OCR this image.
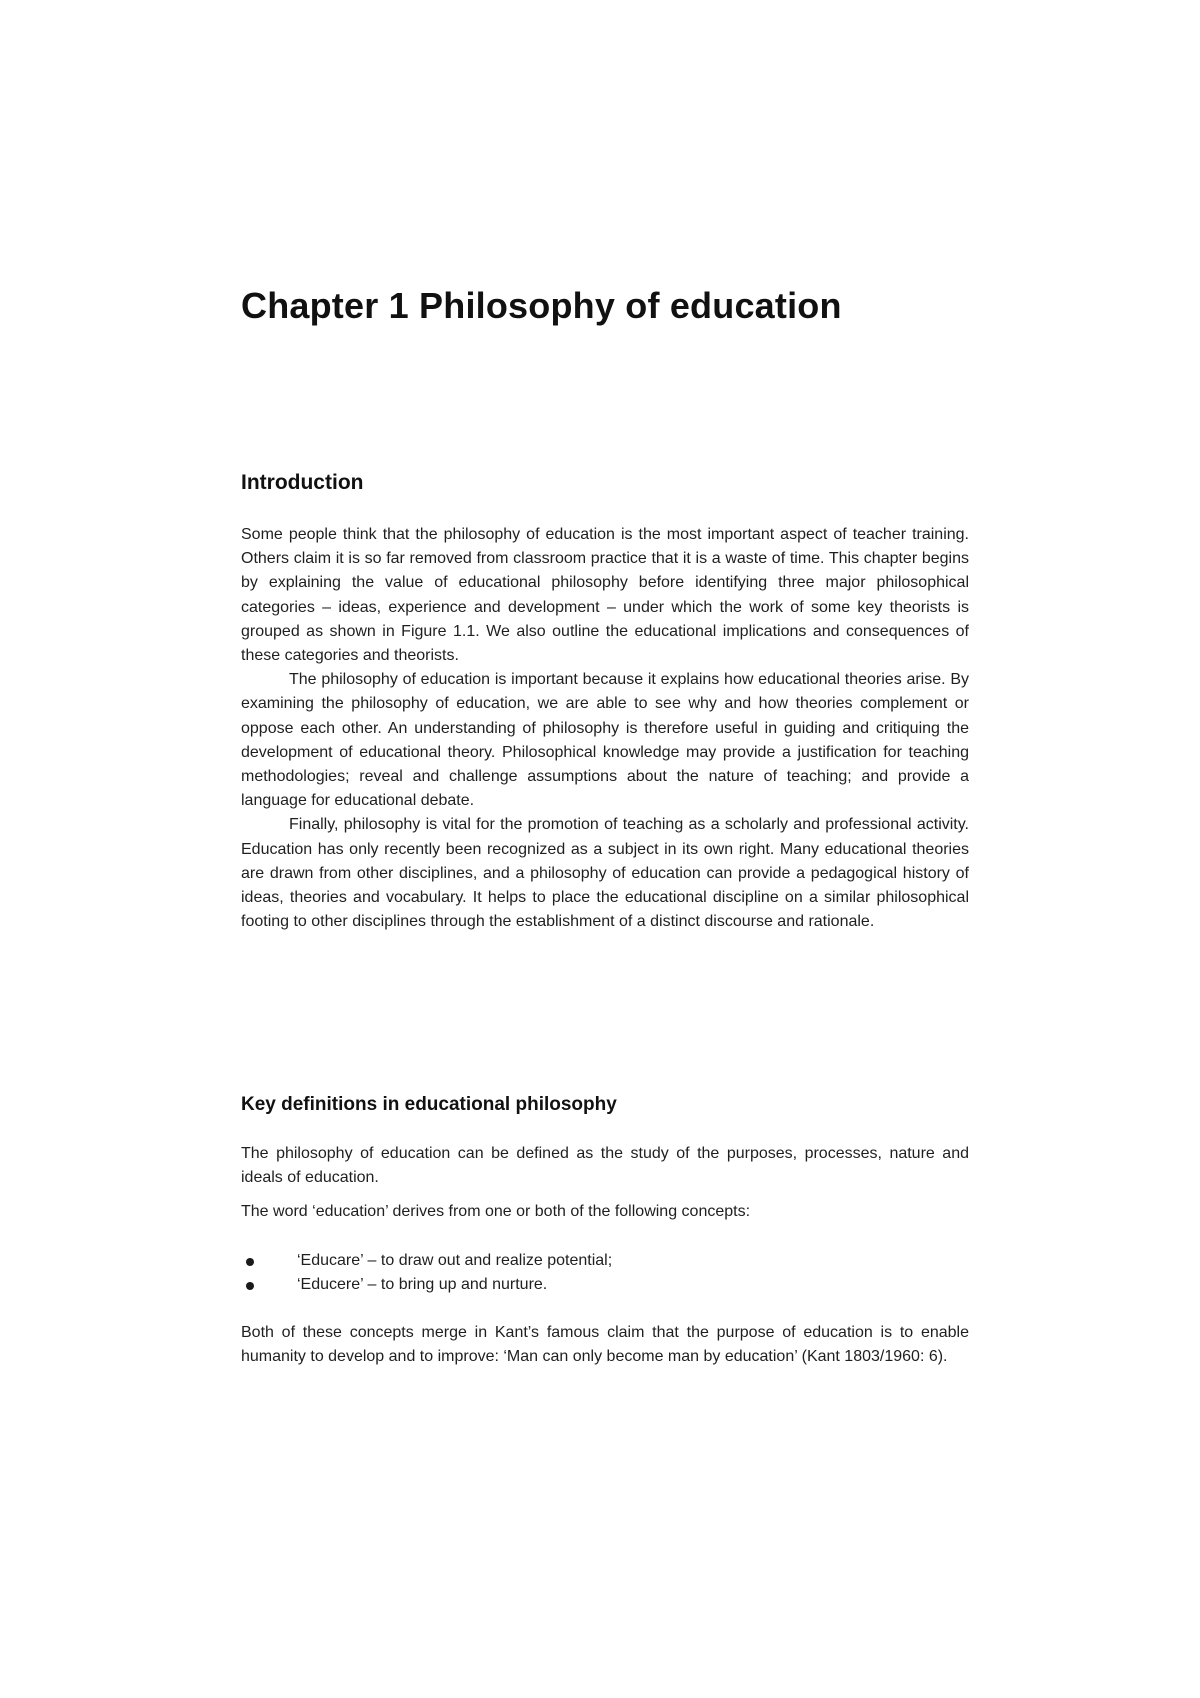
Chapter 1 Philosophy of education
Introduction

Some people think that the philosophy of education is the most important aspect of teacher training. Others claim it is so far removed from classroom practice that it is a waste of time. This chapter begins by explaining the value of educational philosophy before identifying three major philosophical categories – ideas, experience and development – under which the work of some key theorists is grouped as shown in Figure 1.1. We also outline the educational implications and consequences of these categories and theorists.

The philosophy of education is important because it explains how educational theories arise. By examining the philosophy of education, we are able to see why and how theories complement or oppose each other. An understanding of philosophy is therefore useful in guiding and critiquing the development of educational theory. Philosophical knowledge may provide a justification for teaching methodologies; reveal and challenge assumptions about the nature of teaching; and provide a language for educational debate.

Finally, philosophy is vital for the promotion of teaching as a scholarly and professional activity. Education has only recently been recognized as a subject in its own right. Many educational theories are drawn from other disciplines, and a philosophy of education can provide a pedagogical history of ideas, theories and vocabulary. It helps to place the educational discipline on a similar philosophical footing to other disciplines through the establishment of a distinct discourse and rationale.

Key definitions in educational philosophy

The philosophy of education can be defined as the study of the purposes, processes, nature and ideals of education.

The word ‘education’ derives from one or both of the following concepts:

‘Educare’ – to draw out and realize potential;
‘Educere’ – to bring up and nurture.

Both of these concepts merge in Kant’s famous claim that the purpose of education is to enable humanity to develop and to improve: ‘Man can only become man by education’ (Kant 1803/1960: 6).
